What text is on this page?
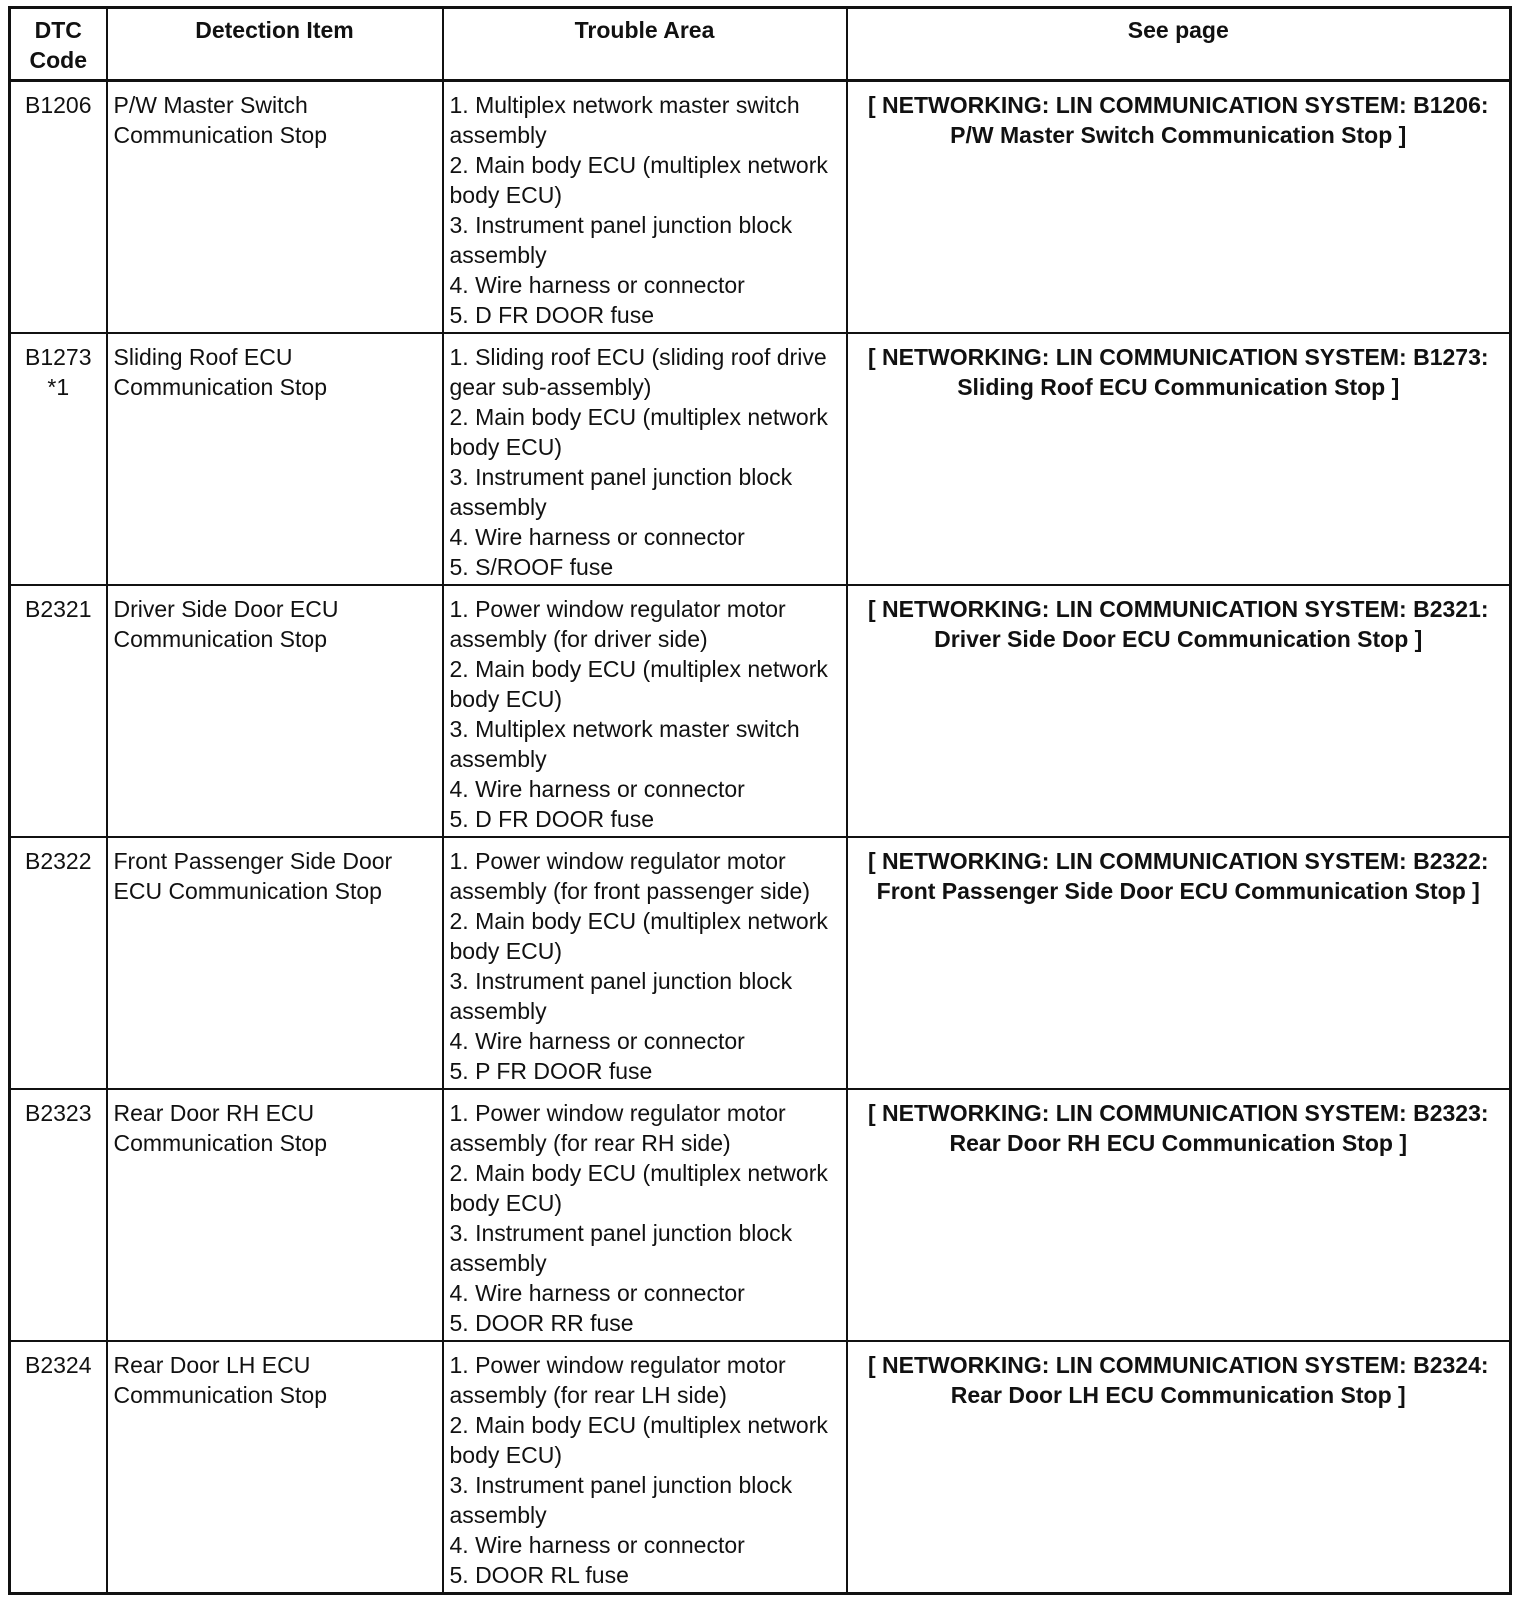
DTC Code	Detection Item	Trouble Area	See page

B1206	P/W Master Switch Communication Stop	1. Multiplex network master switch assembly
2. Main body ECU (multiplex network body ECU)
3. Instrument panel junction block assembly
4. Wire harness or connector
5. D FR DOOR fuse	[ NETWORKING: LIN COMMUNICATION SYSTEM: B1206: P/W Master Switch Communication Stop ]

B1273
*1	Sliding Roof ECU Communication Stop	1. Sliding roof ECU (sliding roof drive gear sub-assembly)
2. Main body ECU (multiplex network body ECU)
3. Instrument panel junction block assembly
4. Wire harness or connector
5. S/ROOF fuse	[ NETWORKING: LIN COMMUNICATION SYSTEM: B1273: Sliding Roof ECU Communication Stop ]

B2321	Driver Side Door ECU Communication Stop	1. Power window regulator motor assembly (for driver side)
2. Main body ECU (multiplex network body ECU)
3. Multiplex network master switch assembly
4. Wire harness or connector
5. D FR DOOR fuse	[ NETWORKING: LIN COMMUNICATION SYSTEM: B2321: Driver Side Door ECU Communication Stop ]

B2322	Front Passenger Side Door ECU Communication Stop	1. Power window regulator motor assembly (for front passenger side)
2. Main body ECU (multiplex network body ECU)
3. Instrument panel junction block assembly
4. Wire harness or connector
5. P FR DOOR fuse	[ NETWORKING: LIN COMMUNICATION SYSTEM: B2322: Front Passenger Side Door ECU Communication Stop ]

B2323	Rear Door RH ECU Communication Stop	1. Power window regulator motor assembly (for rear RH side)
2. Main body ECU (multiplex network body ECU)
3. Instrument panel junction block assembly
4. Wire harness or connector
5. DOOR RR fuse	[ NETWORKING: LIN COMMUNICATION SYSTEM: B2323: Rear Door RH ECU Communication Stop ]

B2324	Rear Door LH ECU Communication Stop	1. Power window regulator motor assembly (for rear LH side)
2. Main body ECU (multiplex network body ECU)
3. Instrument panel junction block assembly
4. Wire harness or connector
5. DOOR RL fuse	[ NETWORKING: LIN COMMUNICATION SYSTEM: B2324: Rear Door LH ECU Communication Stop ]
